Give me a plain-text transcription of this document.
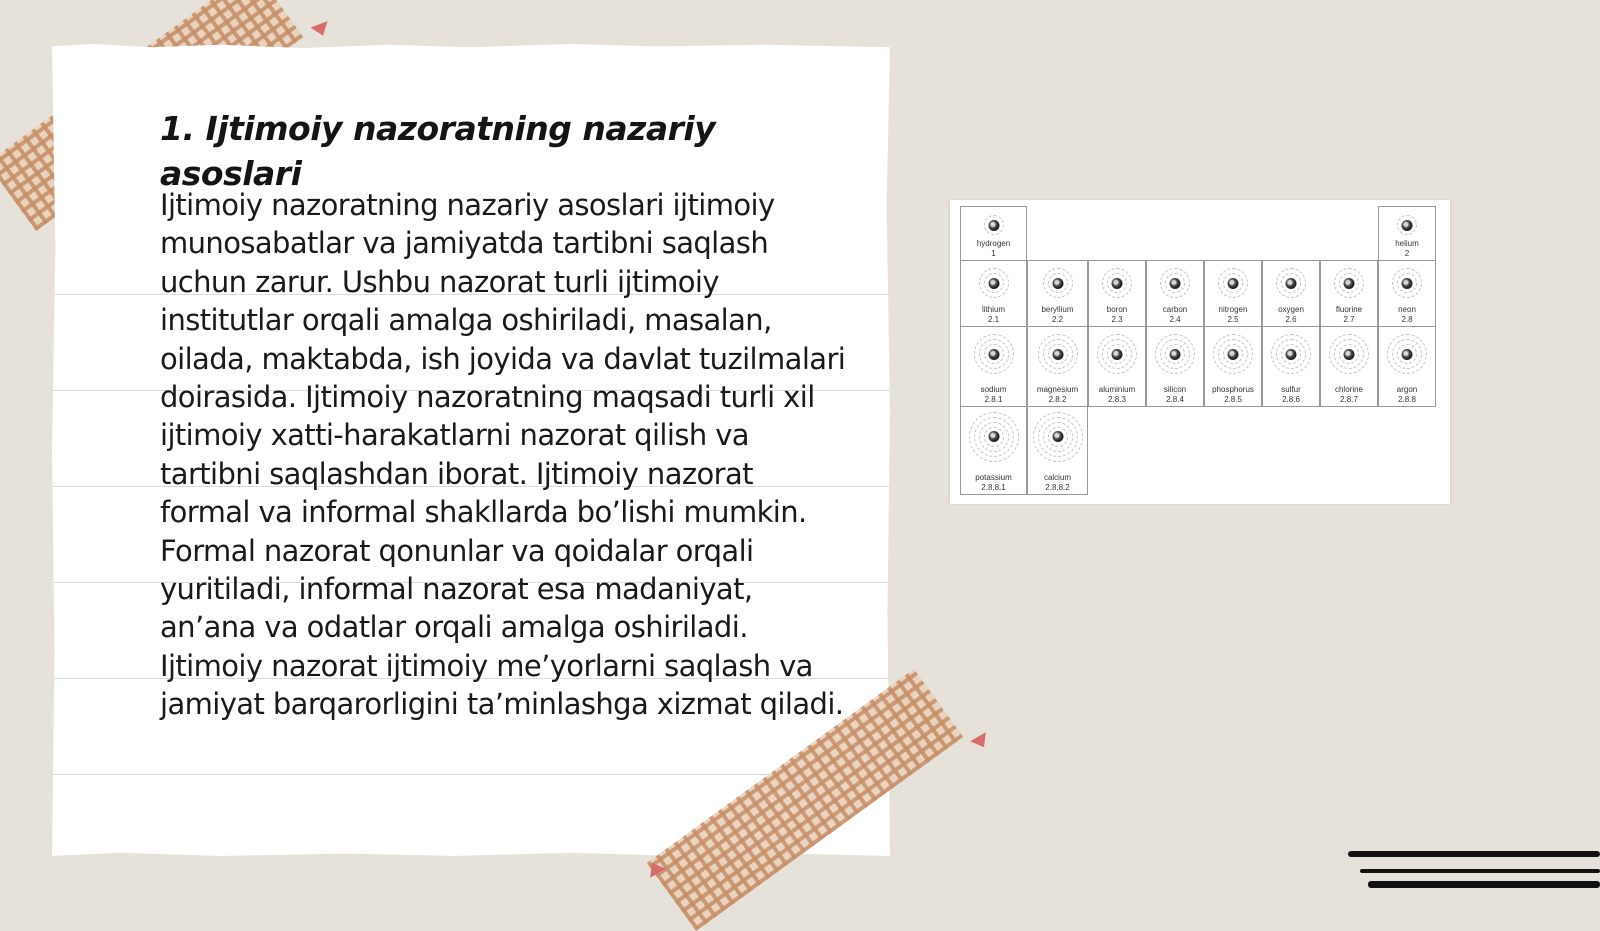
1. Ijtimoiy nazoratning nazariy asoslari

Ijtimoiy nazoratning nazariy asoslari ijtimoiy munosabatlar va jamiyatda tartibni saqlash uchun zarur. Ushbu nazorat turli ijtimoiy institutlar orqali amalga oshiriladi, masalan, oilada, maktabda, ish joyida va davlat tuzilmalari doirasida. Ijtimoiy nazoratning maqsadi turli xil ijtimoiy xatti-harakatlarni nazorat qilish va tartibni saqlashdan iborat. Ijtimoiy nazorat formal va informal shakllarda bo’lishi mumkin. Formal nazorat qonunlar va qoidalar orqali yuritiladi, informal nazorat esa madaniyat, an’ana va odatlar orqali amalga oshiriladi. Ijtimoiy nazorat ijtimoiy me’yorlarni saqlash va jamiyat barqarorligini ta’minlashga xizmat qiladi.

hydrogen
1
helium
2
lithium
2.1
beryllium
2.2
boron
2.3
carbon
2.4
nitrogen
2.5
oxygen
2.6
fluorine
2.7
neon
2.8
sodium
2.8.1
magnesium
2.8.2
aluminium
2.8.3
silicon
2.8.4
phosphorus
2.8.5
sulfur
2.8.6
chlorine
2.8.7
argon
2.8.8
potassium
2.8.8.1
calcium
2.8.8.2
